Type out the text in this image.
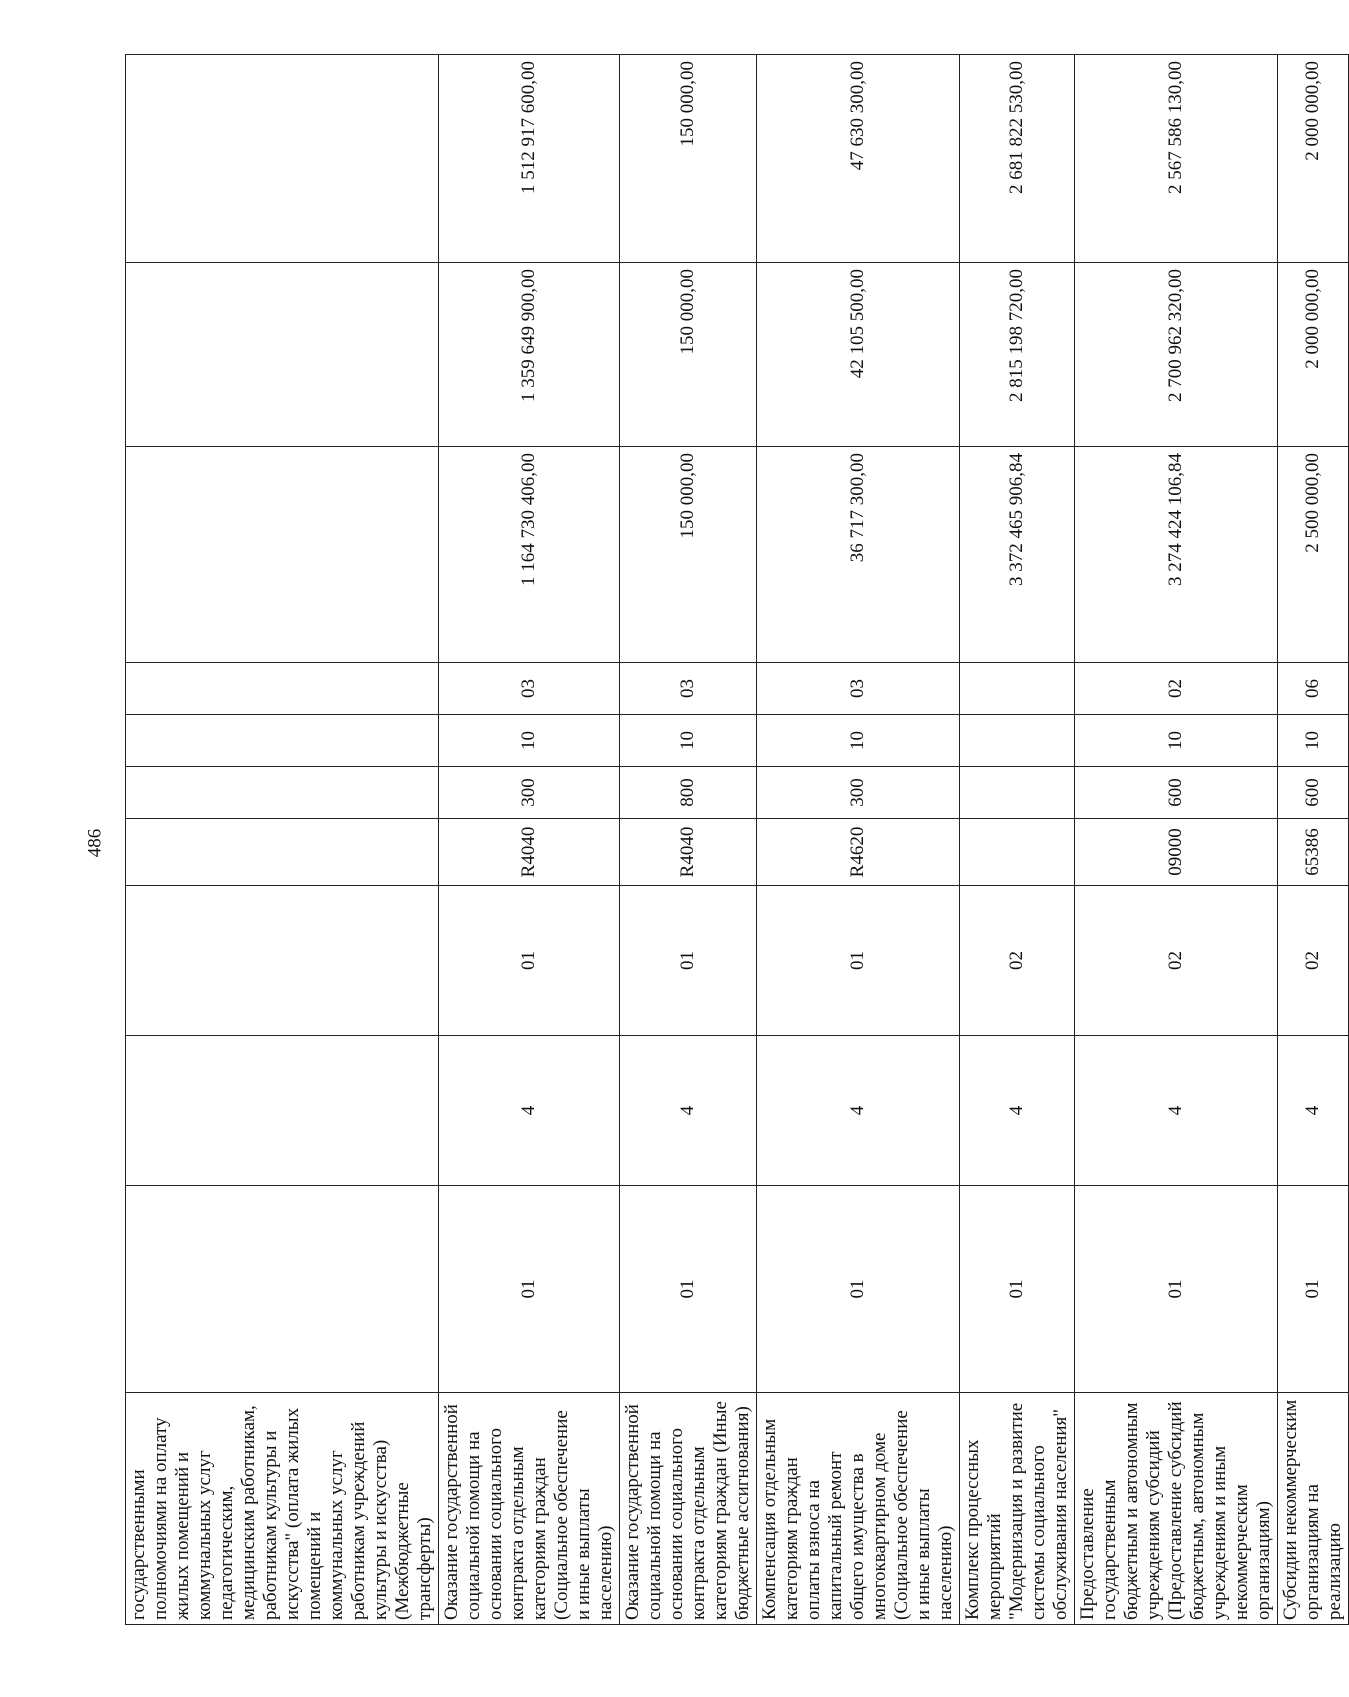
486
государственными полномочиями на оплату жилых помещений и коммунальных услуг педагогическим, медицинским работникам, работникам культуры и искусства" (оплата жилых помещений и коммунальных услуг работникам учреждений культуры и искусства) (Межбюджетные трансферты)										
Оказание государственной социальной помощи на основании социального контракта отдельным категориям граждан (Социальное обеспечение и иные выплаты населению)	01	4	01	R4040	300	10	03	1 164 730 406,00	1 359 649 900,00	1 512 917 600,00
Оказание государственной социальной помощи на основании социального контракта отдельным категориям граждан (Иные бюджетные ассигнования)	01	4	01	R4040	800	10	03	150 000,00	150 000,00	150 000,00
Компенсация отдельным категориям граждан оплаты взноса на капитальный ремонт общего имущества в многоквартирном доме (Социальное обеспечение и иные выплаты населению)	01	4	01	R4620	300	10	03	36 717 300,00	42 105 500,00	47 630 300,00
Комплекс процессных мероприятий "Модернизация и развитие системы социального обслуживания населения"	01	4	02					3 372 465 906,84	2 815 198 720,00	2 681 822 530,00
Предоставление государственным бюджетным и автономным учреждениям субсидий (Предоставление субсидий бюджетным, автономным учреждениям и иным некоммерческим организациям)	01	4	02	09000	600	10	02	3 274 424 106,84	2 700 962 320,00	2 567 586 130,00
Субсидии некоммерческим организациям на реализацию	01	4	02	65386	600	10	06	2 500 000,00	2 000 000,00	2 000 000,00
